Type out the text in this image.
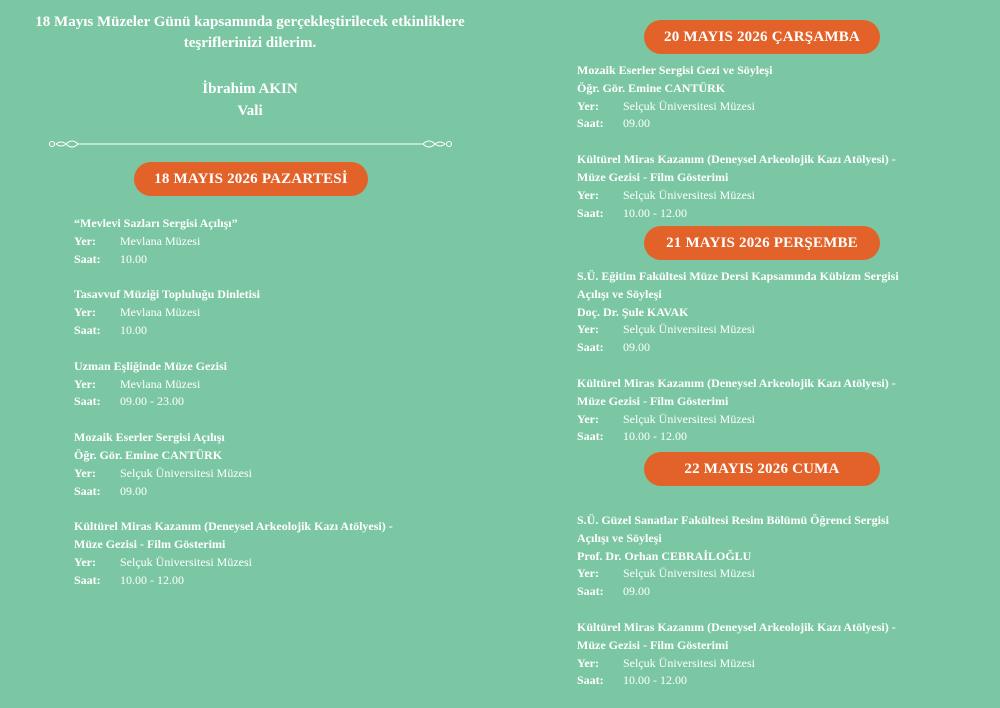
18 Mayıs Müzeler Günü kapsamında gerçekleştirilecek etkinliklere
teşriflerinizi dilerim.
İbrahim AKIN
Vali
18 MAYIS 2026 PAZARTESİ
20 MAYIS 2026 ÇARŞAMBA
21 MAYIS 2026 PERŞEMBE
22 MAYIS 2026 CUMA
“Mevlevi Sazları Sergisi Açılışı”
Yer:	Mevlana Müzesi
Saat:	10.00
Tasavvuf Müziği Topluluğu Dinletisi
Yer:	Mevlana Müzesi
Saat:	10.00
Uzman Eşliğinde Müze Gezisi
Yer:	Mevlana Müzesi
Saat:	09.00 - 23.00
Mozaik Eserler Sergisi Açılışı
Öğr. Gör. Emine CANTÜRK
Yer:	Selçuk Üniversitesi Müzesi
Saat:	09.00
Kültürel Miras Kazanım (Deneysel Arkeolojik Kazı Atölyesi) -
Müze Gezisi - Film Gösterimi
Yer:	Selçuk Üniversitesi Müzesi
Saat:	10.00 - 12.00
Mozaik Eserler Sergisi Gezi ve Söyleşi
Öğr. Gör. Emine CANTÜRK
Yer:	Selçuk Üniversitesi Müzesi
Saat:	09.00
Kültürel Miras Kazanım (Deneysel Arkeolojik Kazı Atölyesi) -
Müze Gezisi - Film Gösterimi
Yer:	Selçuk Üniversitesi Müzesi
Saat:	10.00 - 12.00
S.Ü. Eğitim Fakültesi Müze Dersi Kapsamında Kübizm Sergisi
Açılışı ve Söyleşi
Doç. Dr. Şule KAVAK
Yer:	Selçuk Üniversitesi Müzesi
Saat:	09.00
Kültürel Miras Kazanım (Deneysel Arkeolojik Kazı Atölyesi) -
Müze Gezisi - Film Gösterimi
Yer:	Selçuk Üniversitesi Müzesi
Saat:	10.00 - 12.00
S.Ü. Güzel Sanatlar Fakültesi Resim Bölümü Öğrenci Sergisi
Açılışı ve Söyleşi
Prof. Dr. Orhan CEBRAİLOĞLU
Yer:	Selçuk Üniversitesi Müzesi
Saat:	09.00
Kültürel Miras Kazanım (Deneysel Arkeolojik Kazı Atölyesi) -
Müze Gezisi - Film Gösterimi
Yer:	Selçuk Üniversitesi Müzesi
Saat:	10.00 - 12.00
